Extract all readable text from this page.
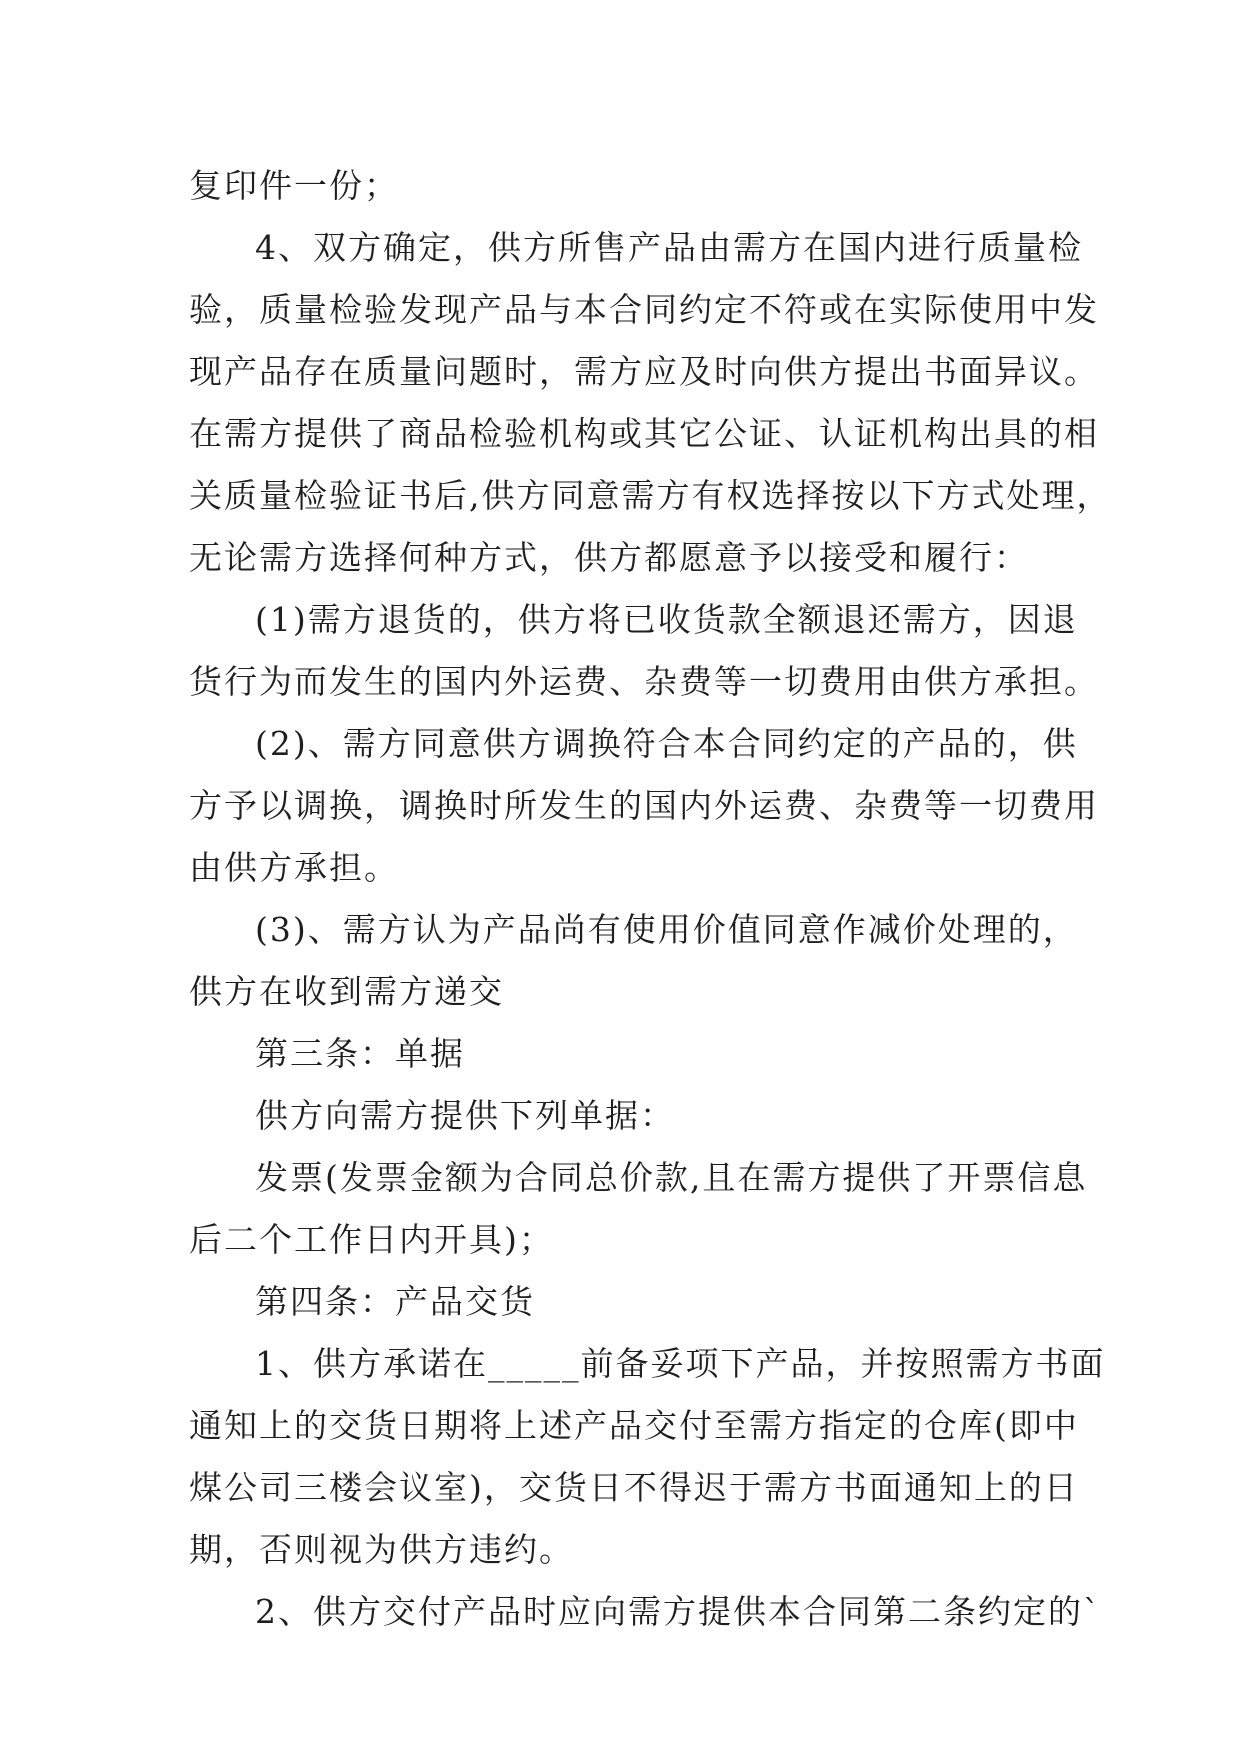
复印件一份；
4、双方确定，供方所售产品由需方在国内进行质量检
验，质量检验发现产品与本合同约定不符或在实际使用中发
现产品存在质量问题时，需方应及时向供方提出书面异议。
在需方提供了商品检验机构或其它公证、认证机构出具的相
关质量检验证书后,供方同意需方有权选择按以下方式处理，
无论需方选择何种方式，供方都愿意予以接受和履行：
(1)需方退货的，供方将已收货款全额退还需方，因退
货行为而发生的国内外运费、杂费等一切费用由供方承担。
(2)、需方同意供方调换符合本合同约定的产品的，供
方予以调换，调换时所发生的国内外运费、杂费等一切费用
由供方承担。
(3)、需方认为产品尚有使用价值同意作减价处理的，
供方在收到需方递交
第三条：单据
供方向需方提供下列单据：
发票(发票金额为合同总价款,且在需方提供了开票信息
后二个工作日内开具)；
第四条：产品交货
1、供方承诺在_____前备妥项下产品，并按照需方书面
通知上的交货日期将上述产品交付至需方指定的仓库(即中
煤公司三楼会议室)，交货日不得迟于需方书面通知上的日
期，否则视为供方违约。
2、供方交付产品时应向需方提供本合同第二条约定的`
